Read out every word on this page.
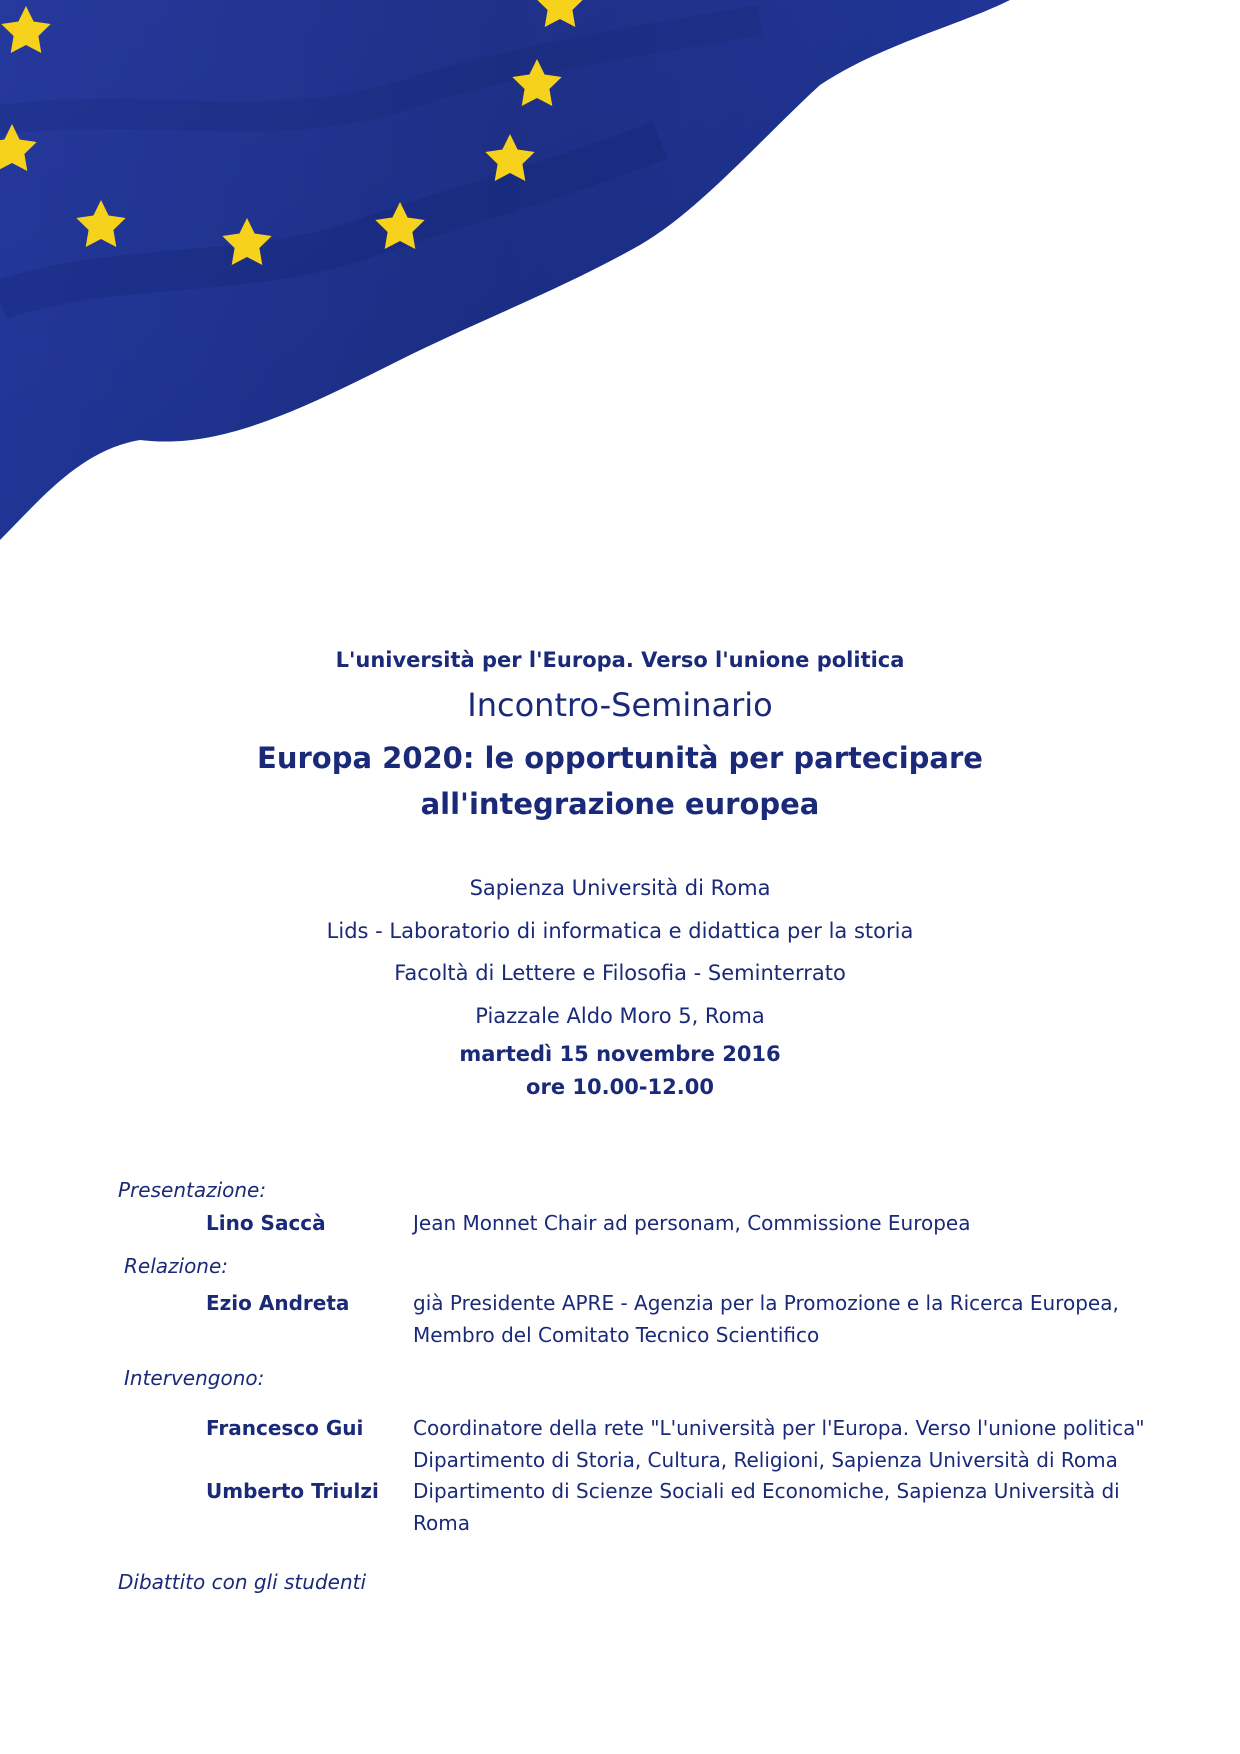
L'università per l'Europa. Verso l'unione politica
Incontro-Seminario
Europa 2020: le opportunità per partecipare
all'integrazione europea
Sapienza Università di Roma
Lids - Laboratorio di informatica e didattica per la storia
Facoltà di Lettere e Filosofia - Seminterrato
Piazzale Aldo Moro 5, Roma
martedì 15 novembre 2016
ore 10.00-12.00
Presentazione:
Lino Saccà	Jean Monnet Chair ad personam, Commissione Europea
Relazione:
Ezio Andreta	già Presidente APRE - Agenzia per la Promozione e la Ricerca Europea,
Membro del Comitato Tecnico Scientifico
Intervengono:
Francesco Gui Coordinatore della rete "L'università per l'Europa. Verso l'unione politica"
Dipartimento di Storia, Cultura, Religioni, Sapienza Università di Roma
Umberto Triulzi Dipartimento di Scienze Sociali ed Economiche, Sapienza Università di
Roma
Dibattito con gli studenti
